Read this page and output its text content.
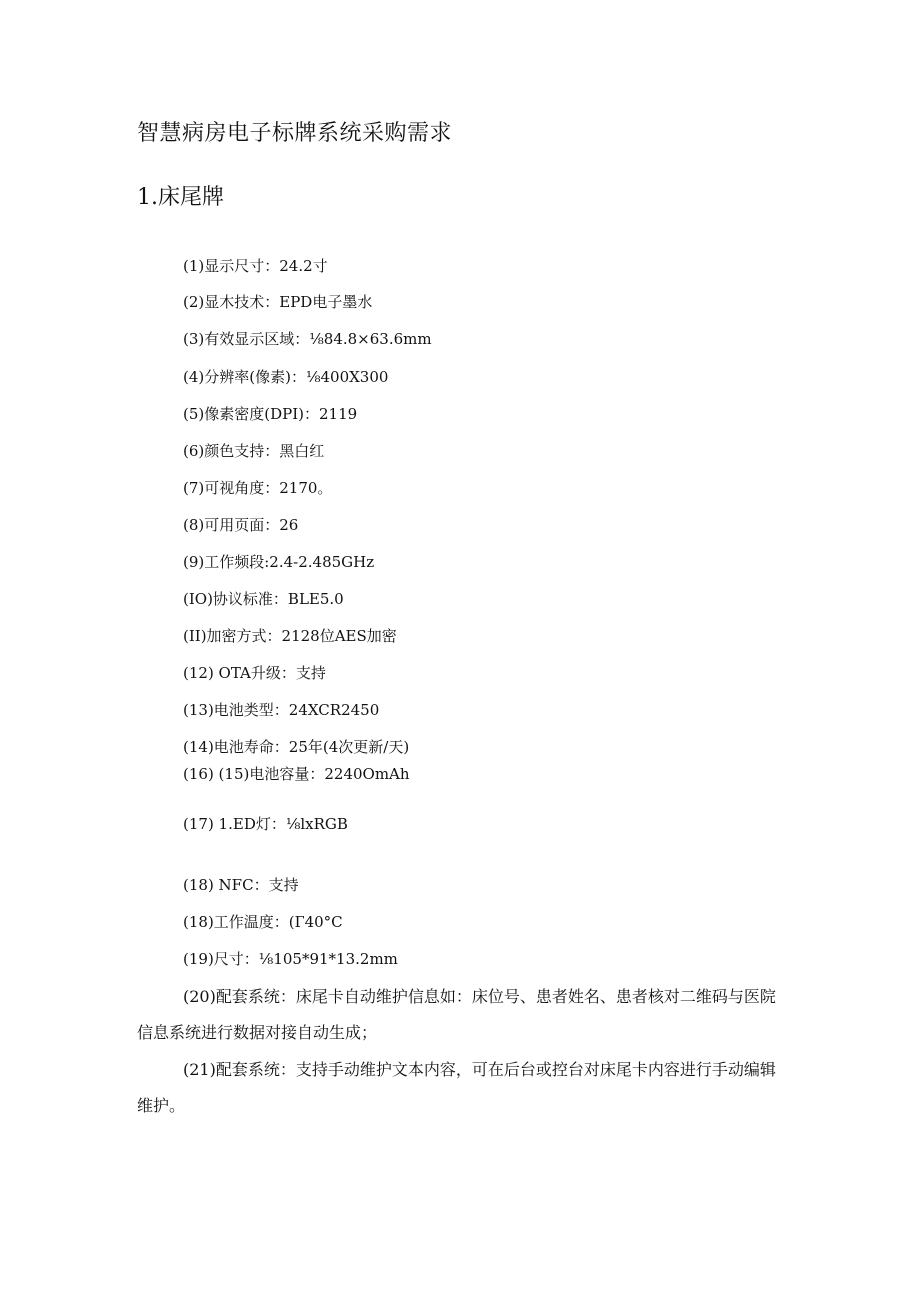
智慧病房电子标牌系统采购需求
1.床尾牌
(1)显示尺寸：24.2寸
(2)显木技术：EPD电子墨水
(3)有效显示区域：⅛84.8×63.6mm
(4)分辨率(像素)：⅛400X300
(5)像素密度(DPI)：2119
(6)颜色支持：黑白红
(7)可视角度：2170。
(8)可用页面：26
(9)工作频段:2.4-2.485GHz
(IO)协议标准：BLE5.0
(II)加密方式：2128位AES加密
(12) OTA升级：支持
(13)电池类型：24XCR2450
(14)电池寿命：25年(4次更新/天)
(16) (15)电池容量：2240OmAh
(17) 1.ED灯：⅛lxRGB
(18) NFC：支持
(18)工作温度：(Г40°C
(19)尺寸：⅛105*91*13.2mm
(20)配套系统：床尾卡自动维护信息如：床位号、患者姓名、患者核对二维码与医院信息系统进行数据对接自动生成；
(21)配套系统：支持手动维护文本内容，可在后台或控台对床尾卡内容进行手动编辑维护。
